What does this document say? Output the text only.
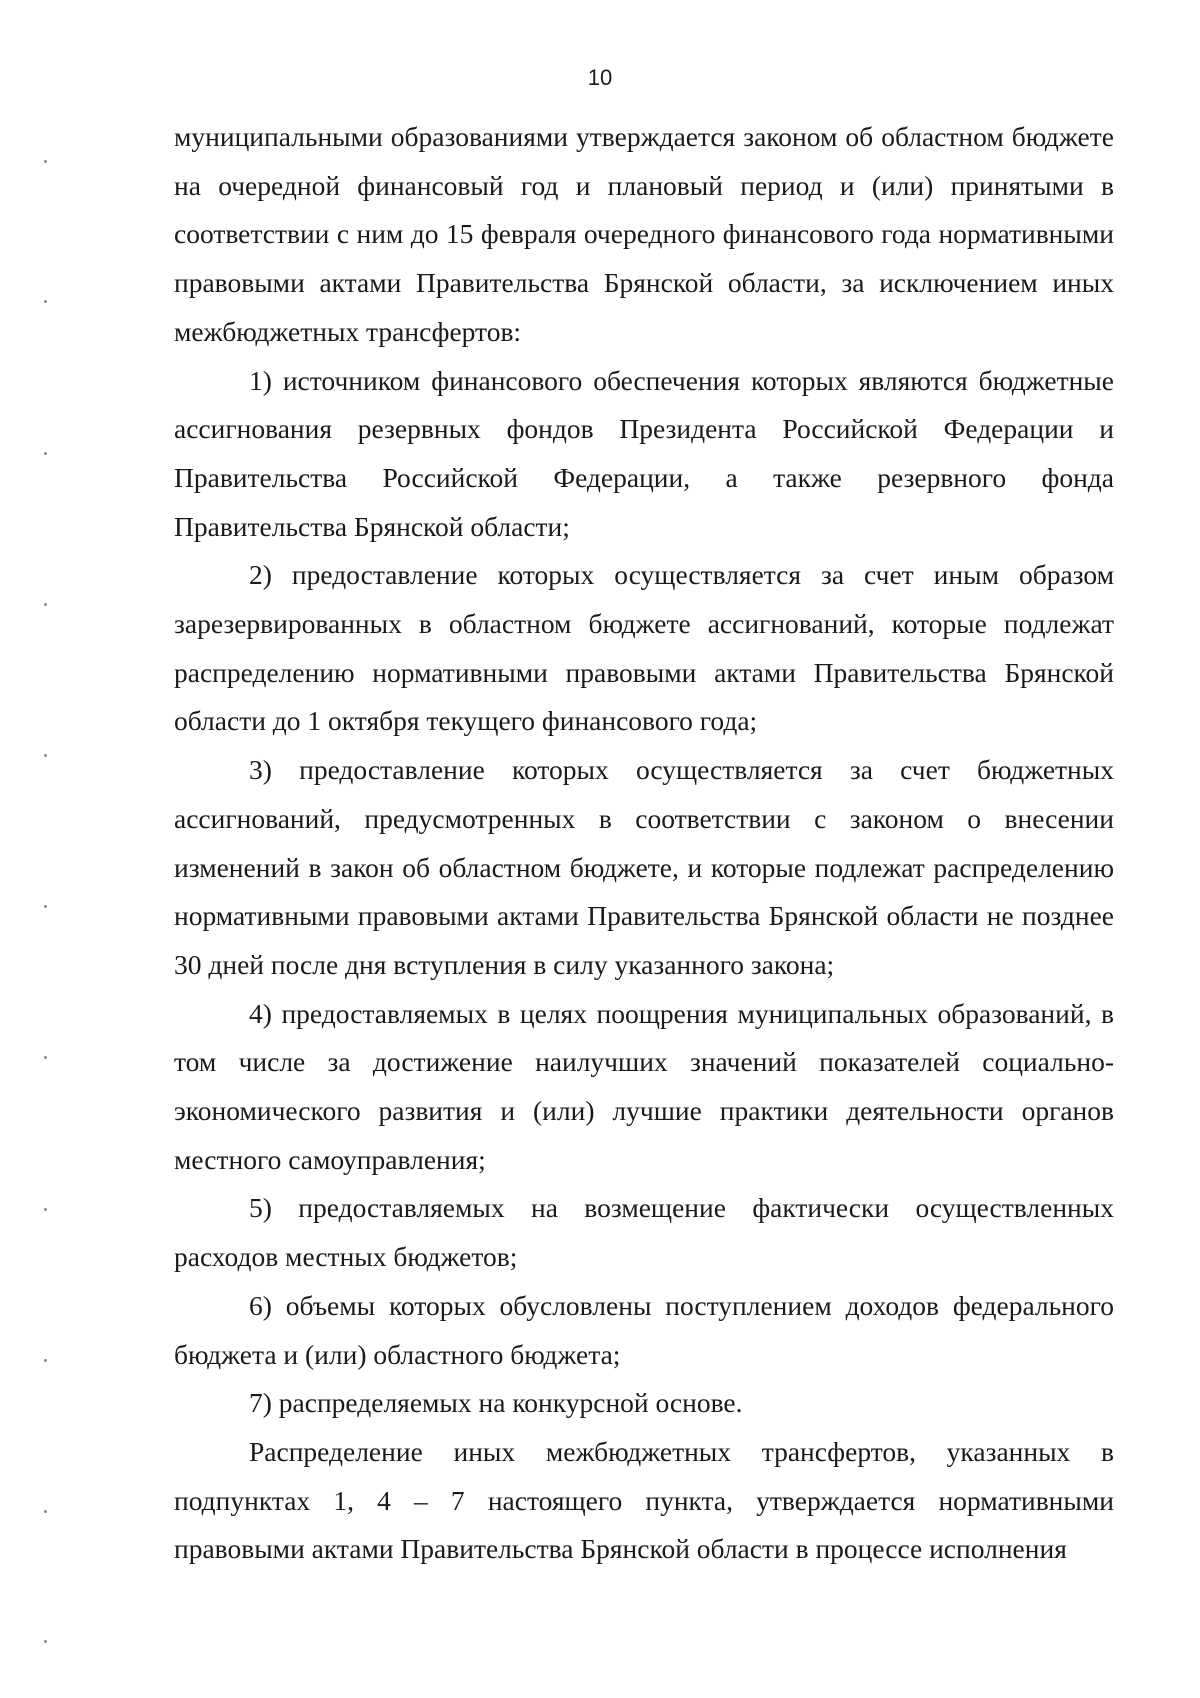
10

муниципальными образованиями утверждается законом об областном бюджете на очередной финансовый год и плановый период и (или) принятыми в соответствии с ним до 15 февраля очередного финансового года нормативными правовыми актами Правительства Брянской области, за исключением иных межбюджетных трансфертов:

1) источником финансового обеспечения которых являются бюджетные ассигнования резервных фондов Президента Российской Федерации и Правительства Российской Федерации, а также резервного фонда Правительства Брянской области;

2) предоставление которых осуществляется за счет иным образом зарезервированных в областном бюджете ассигнований, которые подлежат распределению нормативными правовыми актами Правительства Брянской области до 1 октября текущего финансового года;

3) предоставление которых осуществляется за счет бюджетных ассигнований, предусмотренных в соответствии с законом о внесении изменений в закон об областном бюджете, и которые подлежат распределению нормативными правовыми актами Правительства Брянской области не позднее 30 дней после дня вступления в силу указанного закона;

4) предоставляемых в целях поощрения муниципальных образований, в том числе за достижение наилучших значений показателей социально-экономического развития и (или) лучшие практики деятельности органов местного самоуправления;

5) предоставляемых на возмещение фактически осуществленных расходов местных бюджетов;

6) объемы которых обусловлены поступлением доходов федерального бюджета и (или) областного бюджета;

7) распределяемых на конкурсной основе.

Распределение иных межбюджетных трансфертов, указанных в подпунктах 1, 4 – 7 настоящего пункта, утверждается нормативными правовыми актами Правительства Брянской области в процессе исполнения
